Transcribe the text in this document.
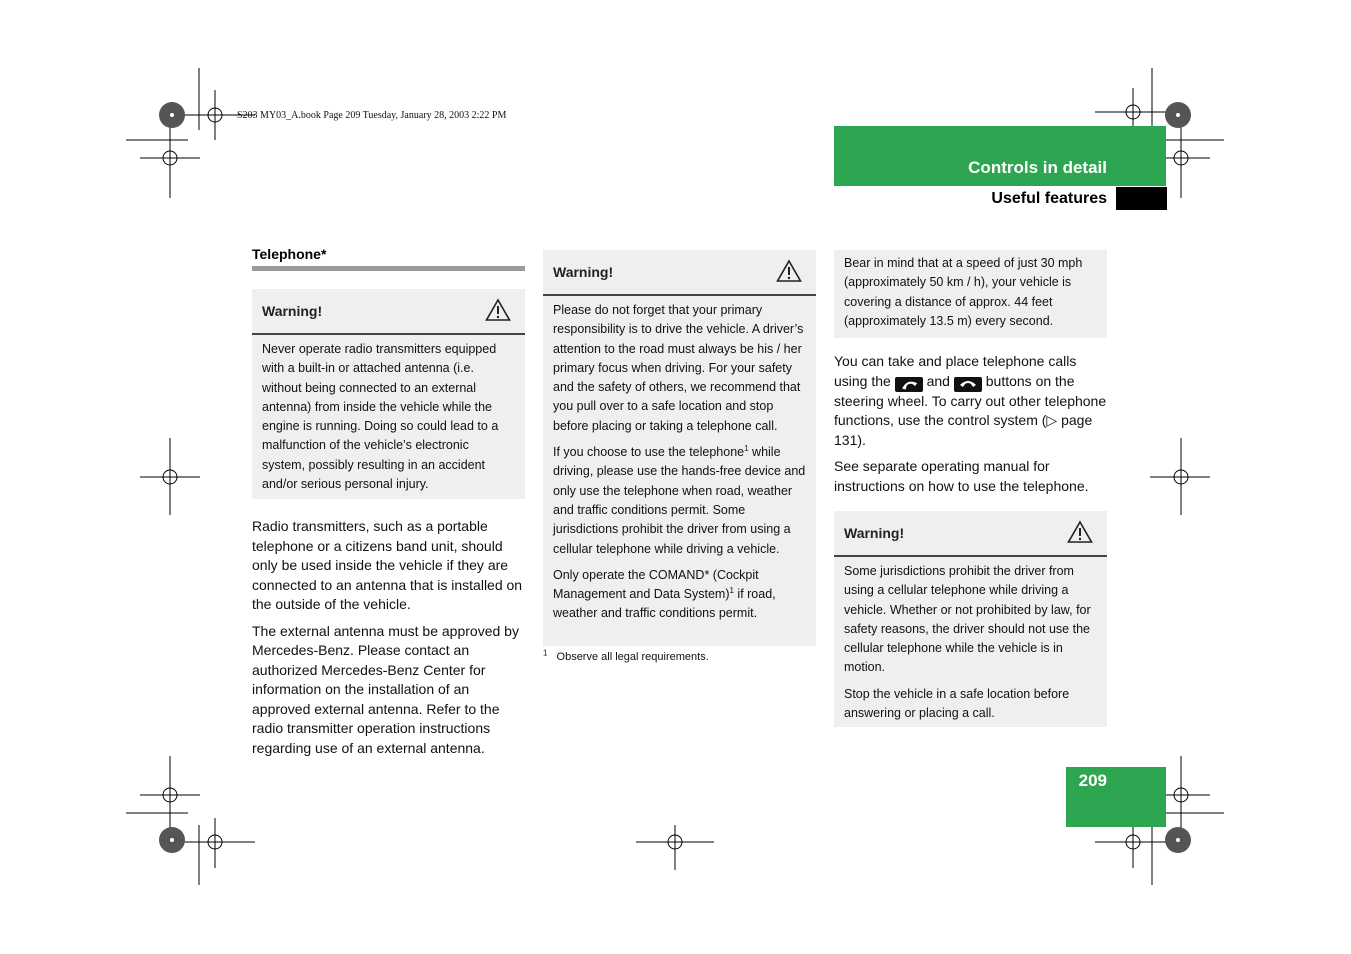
S203 MY03_A.book Page 209 Tuesday, January 28, 2003 2:22 PM
Controls in detail
Useful features
Telephone*
Warning!

Never operate radio transmitters equipped with a built-in or attached antenna (i.e. without being connected to an external antenna) from inside the vehicle while the engine is running. Doing so could lead to a malfunction of the vehicle’s electronic system, possibly resulting in an accident and/or serious personal injury.

Radio transmitters, such as a portable telephone or a citizens band unit, should only be used inside the vehicle if they are connected to an antenna that is installed on the outside of the vehicle.

The external antenna must be approved by Mercedes-Benz. Please contact an authorized Mercedes-Benz Center for information on the installation of an approved external antenna. Refer to the radio transmitter operation instructions regarding use of an external antenna.

Warning!

Please do not forget that your primary responsibility is to drive the vehicle. A driver’s attention to the road must always be his / her primary focus when driving. For your safety and the safety of others, we recommend that you pull over to a safe location and stop before placing or taking a telephone call.

If you choose to use the telephone$^1$ while driving, please use the hands-free device and only use the telephone when road, weather and traffic conditions permit. Some jurisdictions prohibit the driver from using a cellular telephone while driving a vehicle.

Only operate the COMAND* (Cockpit Management and Data System)$^1$ if road, weather and traffic conditions permit.

$^1$ Observe all legal requirements.

Bear in mind that at a speed of just 30 mph (approximately 50 km / h), your vehicle is covering a distance of approx. 44 feet (approximately 13.5 m) every second.

You can take and place telephone calls using the	and	buttons on the steering wheel. To carry out other telephone functions, use the control system (▷ page 131).

See separate operating manual for instructions on how to use the telephone.

Warning!

Some jurisdictions prohibit the driver from using a cellular telephone while driving a vehicle. Whether or not prohibited by law, for safety reasons, the driver should not use the cellular telephone while the vehicle is in motion.

Stop the vehicle in a safe location before answering or placing a call.

209
